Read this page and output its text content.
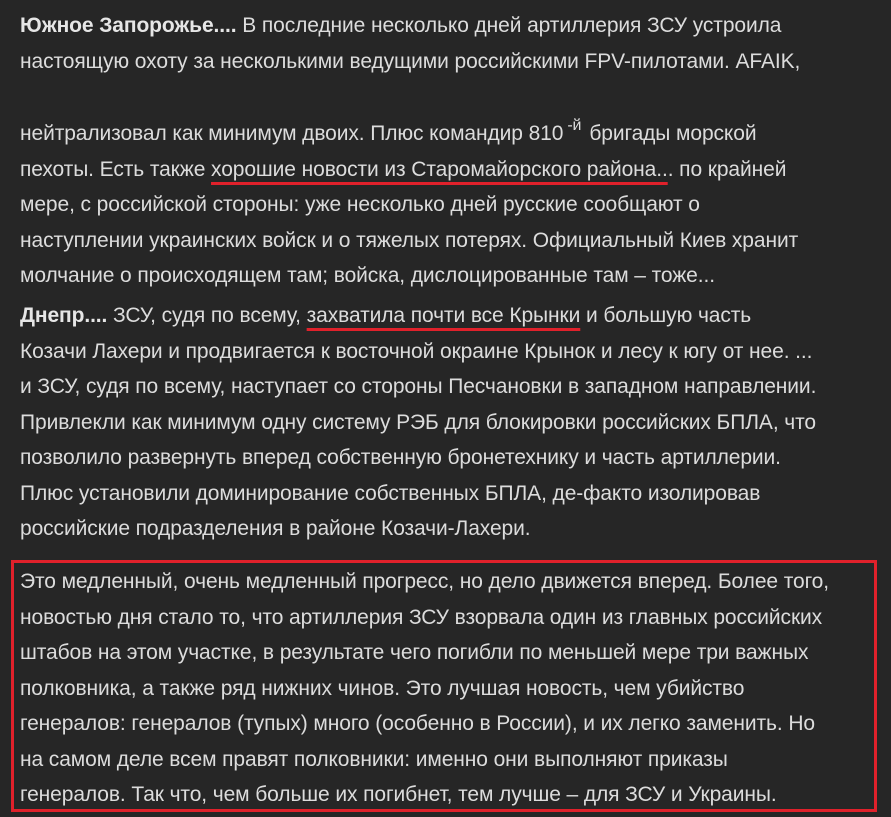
Южное Запорожье.... В последние несколько дней артиллерия ЗСУ устроила
настоящую охоту за несколькими ведущими российскими FPV-пилотами. AFAIK,
нейтрализовал как минимум двоих. Плюс командир 810 -й бригады морской
пехоты. Есть также хорошие новости из Старомайорского района... по крайней
мере, с российской стороны: уже несколько дней русские сообщают о
наступлении украинских войск и о тяжелых потерях. Официальный Киев хранит
молчание о происходящем там; войска, дислоцированные там – тоже...
Днепр.... ЗСУ, судя по всему, захватила почти все Крынки и большую часть
Козачи Лахери и продвигается к восточной окраине Крынок и лесу к югу от нее. ...
и ЗСУ, судя по всему, наступает со стороны Песчановки в западном направлении.
Привлекли как минимум одну систему РЭБ для блокировки российских БПЛА, что
позволило развернуть вперед собственную бронетехнику и часть артиллерии.
Плюс установили доминирование собственных БПЛА, де-факто изолировав
российские подразделения в районе Козачи-Лахери.
Это медленный, очень медленный прогресс, но дело движется вперед. Более того,
новостью дня стало то, что артиллерия ЗСУ взорвала один из главных российских
штабов на этом участке, в результате чего погибли по меньшей мере три важных
полковника, а также ряд нижних чинов. Это лучшая новость, чем убийство
генералов: генералов (тупых) много (особенно в России), и их легко заменить. Но
на самом деле всем правят полковники: именно они выполняют приказы
генералов. Так что, чем больше их погибнет, тем лучше – для ЗСУ и Украины.
